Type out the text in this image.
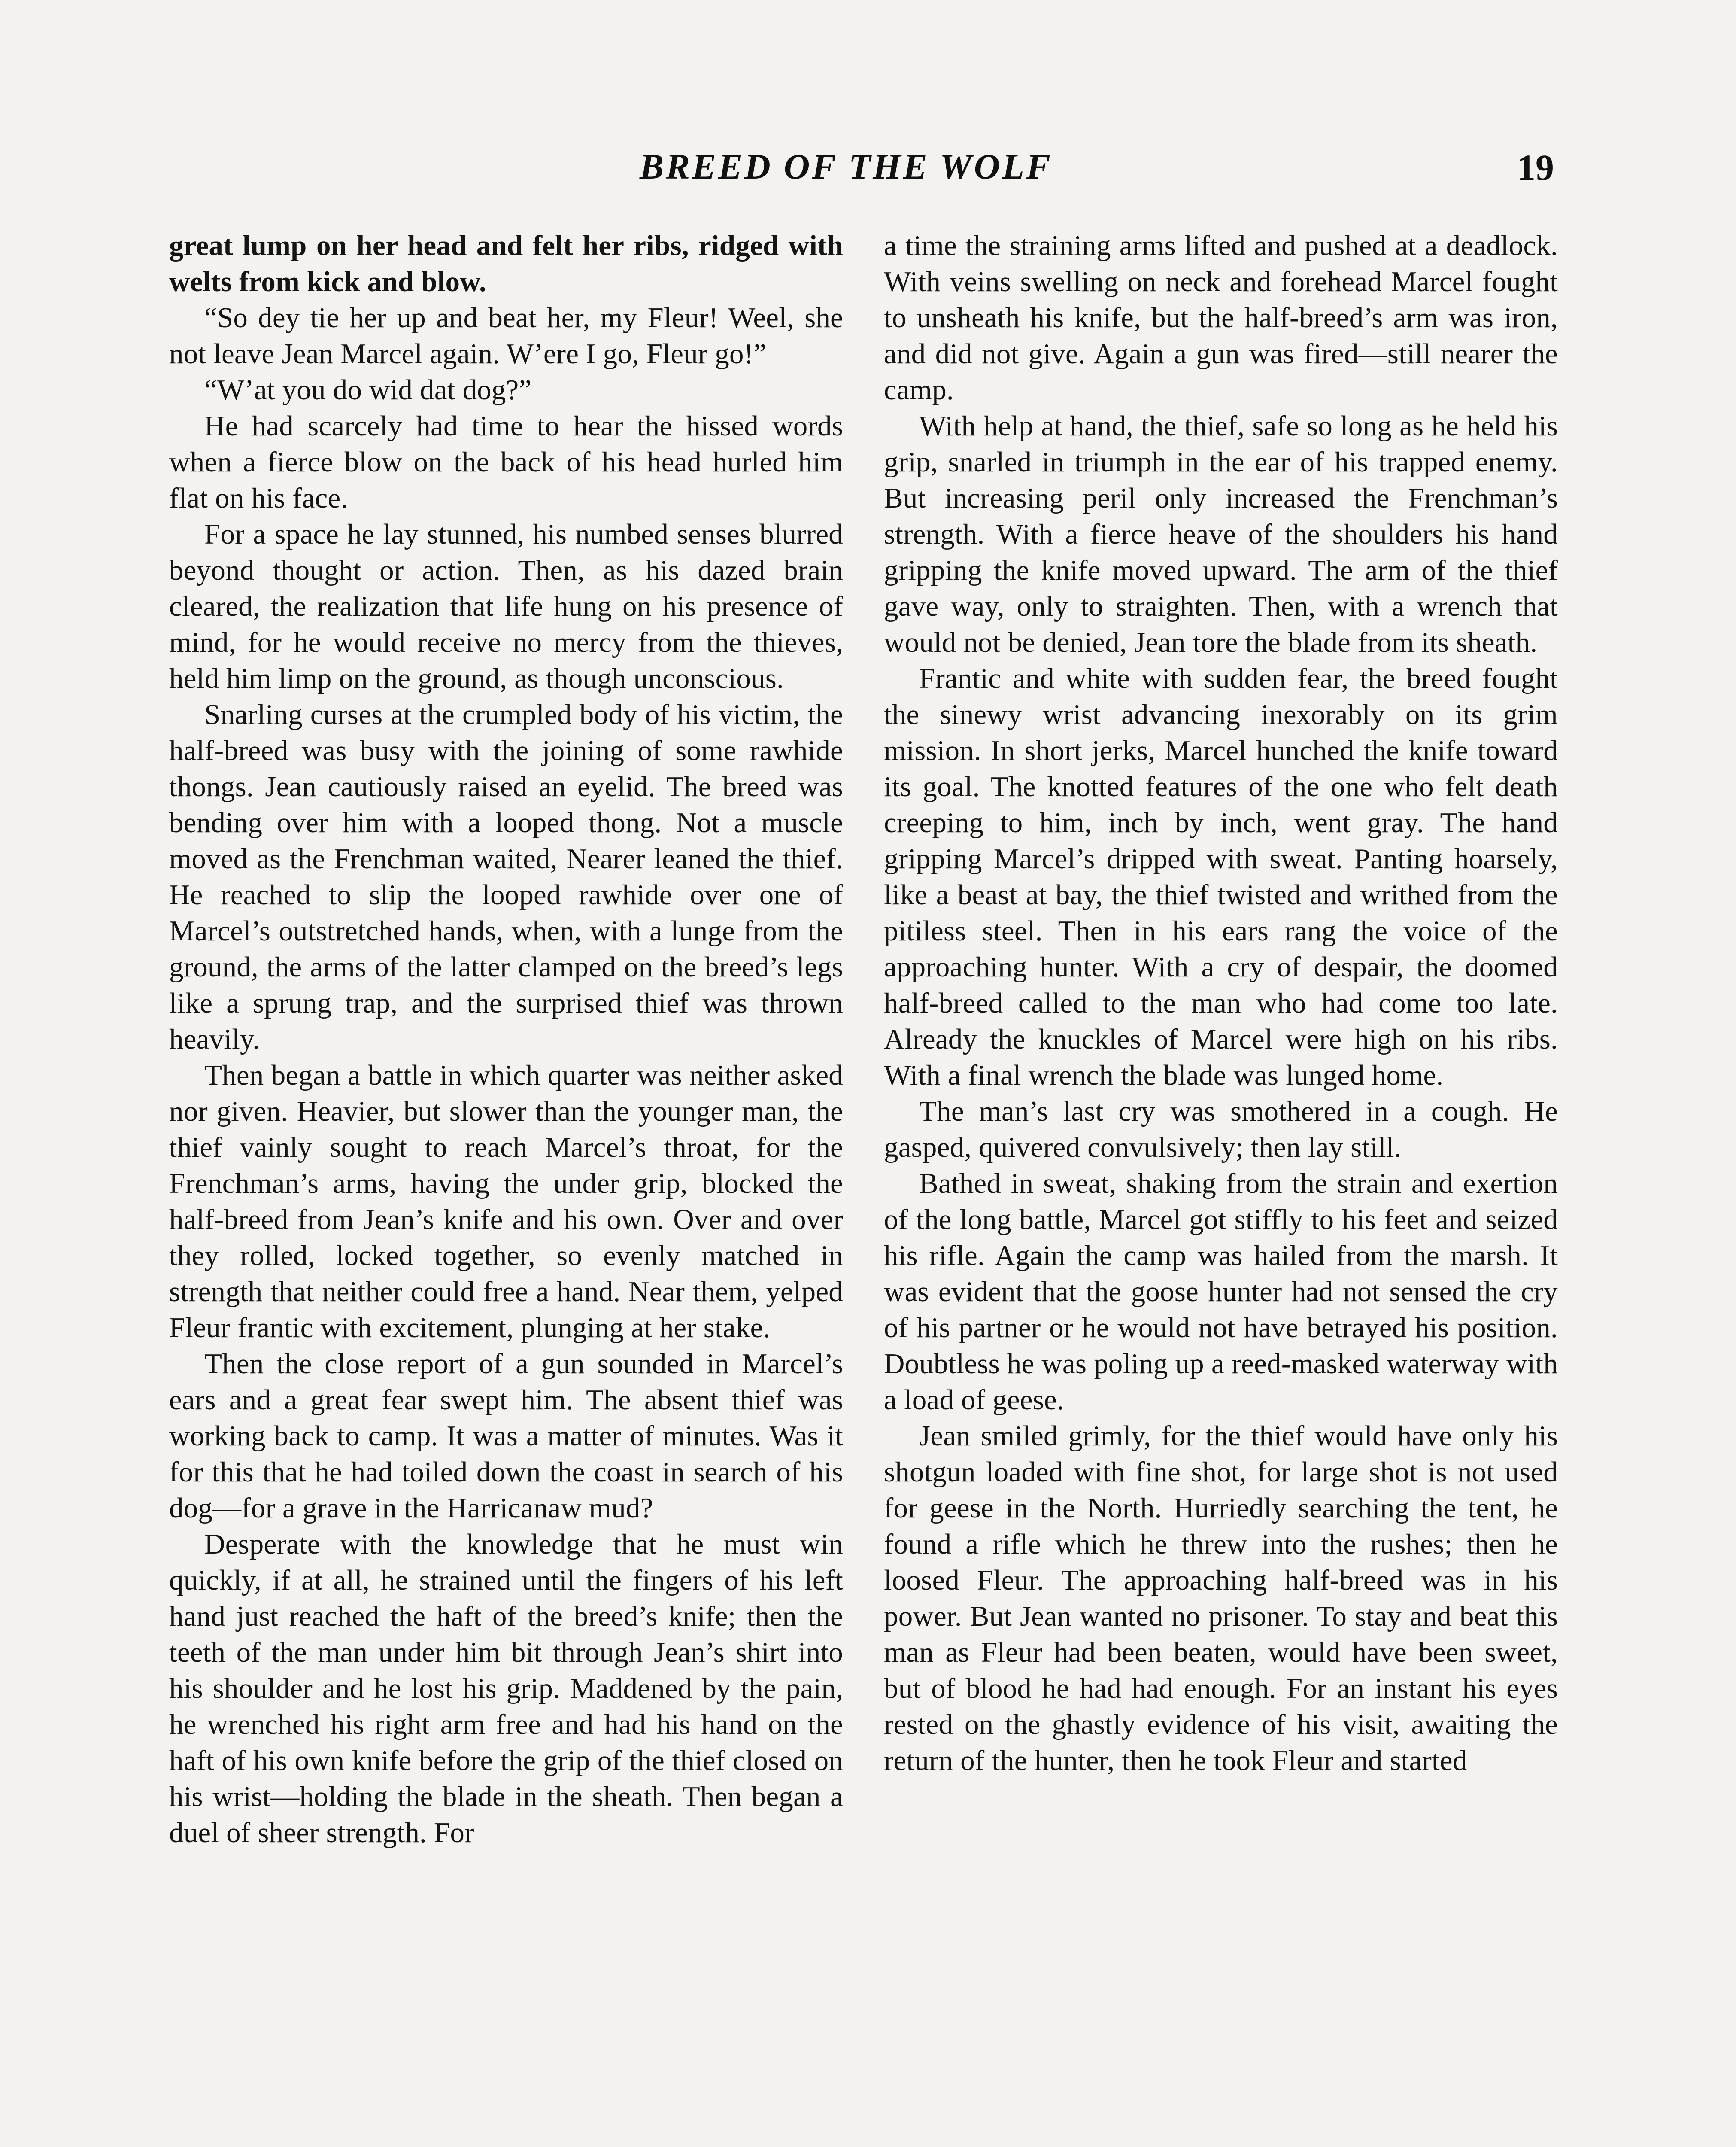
BREED OF THE WOLF	19

great lump on her head and felt her ribs, ridged with welts from kick and blow.

“So dey tie her up and beat her, my Fleur! Weel, she not leave Jean Marcel again. W’ere I go, Fleur go!”

“W’at you do wid dat dog?”

He had scarcely had time to hear the hissed words when a fierce blow on the back of his head hurled him flat on his face.

For a space he lay stunned, his numbed senses blurred beyond thought or action. Then, as his dazed brain cleared, the realization that life hung on his presence of mind, for he would receive no mercy from the thieves, held him limp on the ground, as though unconscious.

Snarling curses at the crumpled body of his victim, the half-breed was busy with the joining of some rawhide thongs. Jean cautiously raised an eyelid. The breed was bending over him with a looped thong. Not a muscle moved as the Frenchman waited, Nearer leaned the thief. He reached to slip the looped rawhide over one of Marcel’s outstretched hands, when, with a lunge from the ground, the arms of the latter clamped on the breed’s legs like a sprung trap, and the surprised thief was thrown heavily.

Then began a battle in which quarter was neither asked nor given. Heavier, but slower than the younger man, the thief vainly sought to reach Marcel’s throat, for the Frenchman’s arms, having the under grip, blocked the half-breed from Jean’s knife and his own. Over and over they rolled, locked together, so evenly matched in strength that neither could free a hand. Near them, yelped Fleur frantic with excitement, plunging at her stake.

Then the close report of a gun sounded in Marcel’s ears and a great fear swept him. The absent thief was working back to camp. It was a matter of minutes. Was it for this that he had toiled down the coast in search of his dog—for a grave in the Harricanaw mud?

Desperate with the knowledge that he must win quickly, if at all, he strained until the fingers of his left hand just reached the haft of the breed’s knife; then the teeth of the man under him bit through Jean’s shirt into his shoulder and he lost his grip. Maddened by the pain, he wrenched his right arm free and had his hand on the haft of his own knife before the grip of the thief closed on his wrist—holding the blade in the sheath. Then began a duel of sheer strength. For

a time the straining arms lifted and pushed at a deadlock. With veins swelling on neck and forehead Marcel fought to unsheath his knife, but the half-breed’s arm was iron, and did not give. Again a gun was fired—still nearer the camp.

With help at hand, the thief, safe so long as he held his grip, snarled in triumph in the ear of his trapped enemy. But increasing peril only increased the Frenchman’s strength. With a fierce heave of the shoulders his hand gripping the knife moved upward. The arm of the thief gave way, only to straighten. Then, with a wrench that would not be denied, Jean tore the blade from its sheath.

Frantic and white with sudden fear, the breed fought the sinewy wrist advancing inexorably on its grim mission. In short jerks, Marcel hunched the knife toward its goal. The knotted features of the one who felt death creeping to him, inch by inch, went gray. The hand gripping Marcel’s dripped with sweat. Panting hoarsely, like a beast at bay, the thief twisted and writhed from the pitiless steel. Then in his ears rang the voice of the approaching hunter. With a cry of despair, the doomed half-breed called to the man who had come too late. Already the knuckles of Marcel were high on his ribs. With a final wrench the blade was lunged home.

The man’s last cry was smothered in a cough. He gasped, quivered convulsively; then lay still.

Bathed in sweat, shaking from the strain and exertion of the long battle, Marcel got stiffly to his feet and seized his rifle. Again the camp was hailed from the marsh. It was evident that the goose hunter had not sensed the cry of his partner or he would not have betrayed his position. Doubtless he was poling up a reed-masked waterway with a load of geese.

Jean smiled grimly, for the thief would have only his shotgun loaded with fine shot, for large shot is not used for geese in the North. Hurriedly searching the tent, he found a rifle which he threw into the rushes; then he loosed Fleur. The approaching half-breed was in his power. But Jean wanted no prisoner. To stay and beat this man as Fleur had been beaten, would have been sweet, but of blood he had had enough. For an instant his eyes rested on the ghastly evidence of his visit, awaiting the return of the hunter, then he took Fleur and started
